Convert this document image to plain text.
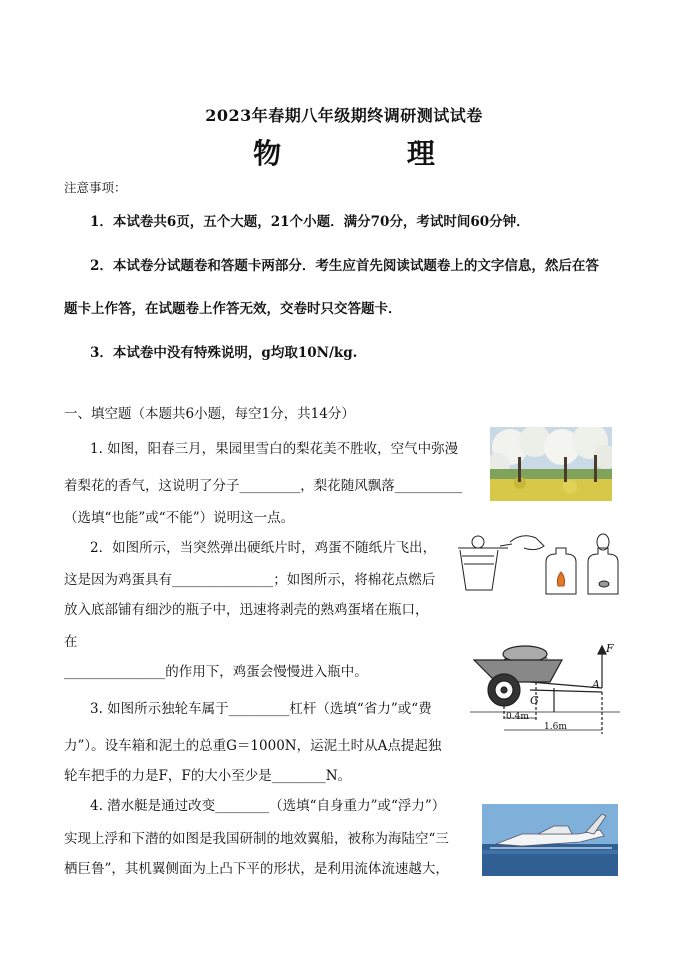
2023年春期八年级期终调研测试试卷
物 理
注意事项：
1．本试卷共6页，五个大题，21个小题．满分70分，考试时间60分钟．
2．本试卷分试题卷和答题卡两部分．考生应首先阅读试题卷上的文字信息，然后在答
题卡上作答，在试题卷上作答无效，交卷时只交答题卡．
3．本试卷中没有特殊说明，g均取10N/kg.
一、填空题（本题共6小题，每空1分，共14分）
1. 如图，阳春三月，果园里雪白的梨花美不胜收，空气中弥漫
着梨花的香气，这说明了分子_________，梨花随风飘落__________
（选填“也能”或“不能”）说明这一点。
2．如图所示，当突然弹出硬纸片时，鸡蛋不随纸片飞出，
这是因为鸡蛋具有_______________；如图所示，将棉花点燃后
放入底部铺有细沙的瓶子中，迅速将剥壳的熟鸡蛋堵在瓶口，
在
_______________的作用下，鸡蛋会慢慢进入瓶中。
3. 如图所示独轮车属于_________杠杆（选填“省力”或“费
力”）。设车箱和泥土的总重G＝1000N，运泥土时从A点提起独
轮车把手的力是F，F的大小至少是________N。
F
A
G
0.4m
1.6m
4. 潜水艇是通过改变________（选填“自身重力”或“浮力”）
实现上浮和下潜的如图是我国研制的地效翼船，被称为海陆空“三
栖巨鲁”，其机翼侧面为上凸下平的形状，是利用流体流速越大，
